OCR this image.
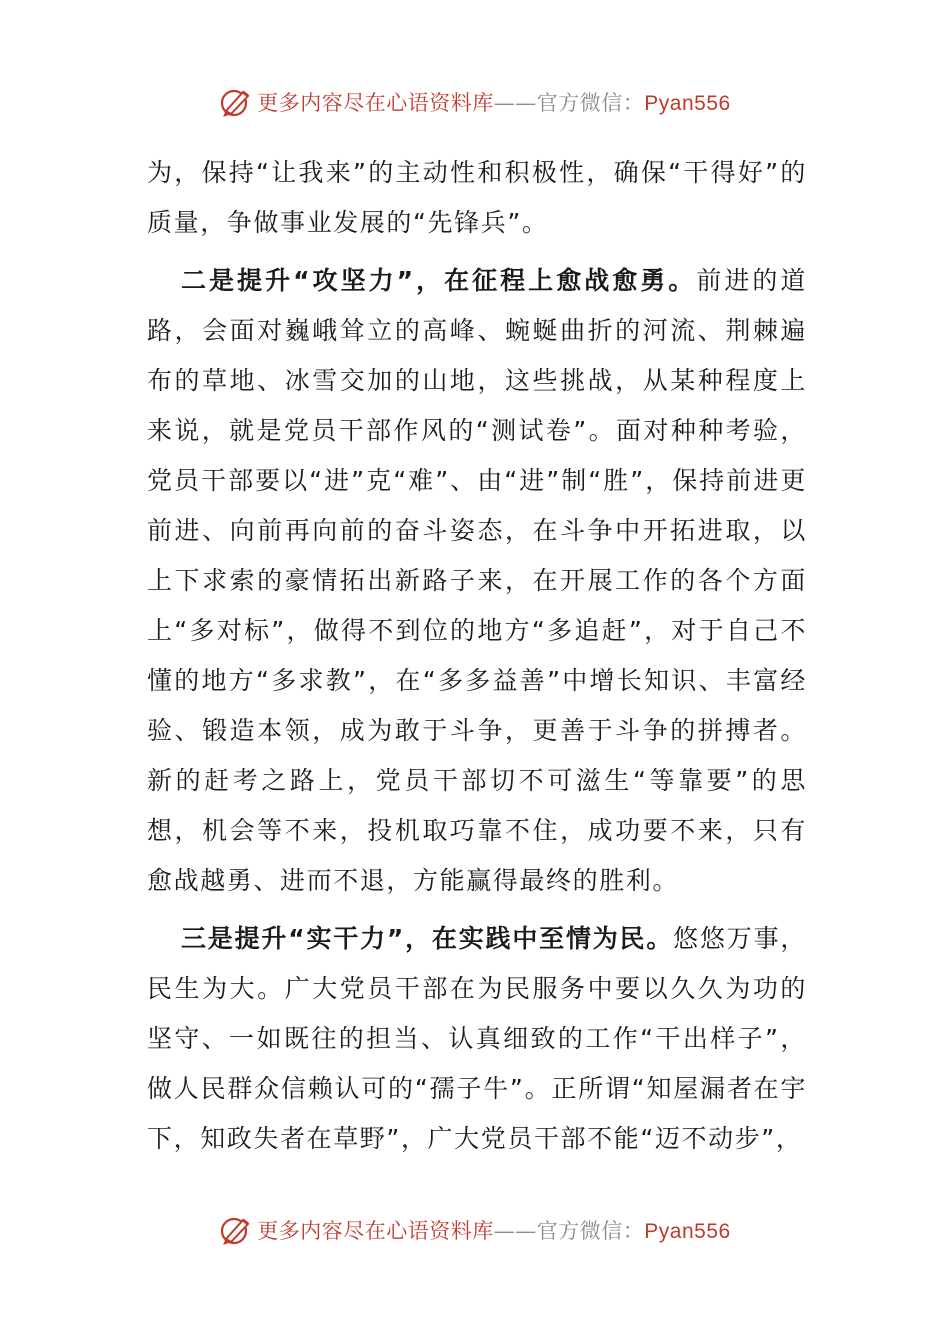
更多内容尽在心语资料库——官方微信：Pyan556

为，保持“让我来”的主动性和积极性，确保“干得好”的质量，争做事业发展的“先锋兵”。

二是提升“攻坚力”，在征程上愈战愈勇。前进的道路，会面对巍峨耸立的高峰、蜿蜒曲折的河流、荆棘遍布的草地、冰雪交加的山地，这些挑战，从某种程度上来说，就是党员干部作风的“测试卷”。面对种种考验，党员干部要以“进”克“难”、由“进”制“胜”，保持前进更前进、向前再向前的奋斗姿态，在斗争中开拓进取，以上下求索的豪情拓出新路子来，在开展工作的各个方面上“多对标”，做得不到位的地方“多追赶”，对于自己不懂的地方“多求教”，在“多多益善”中增长知识、丰富经验、锻造本领，成为敢于斗争，更善于斗争的拼搏者。新的赶考之路上，党员干部切不可滋生“等靠要”的思想，机会等不来，投机取巧靠不住，成功要不来，只有愈战越勇、进而不退，方能赢得最终的胜利。

三是提升“实干力”，在实践中至情为民。悠悠万事，民生为大。广大党员干部在为民服务中要以久久为功的坚守、一如既往的担当、认真细致的工作“干出样子”，做人民群众信赖认可的“孺子牛”。正所谓“知屋漏者在宇下，知政失者在草野”，广大党员干部不能“迈不动步”，

更多内容尽在心语资料库——官方微信：Pyan556
